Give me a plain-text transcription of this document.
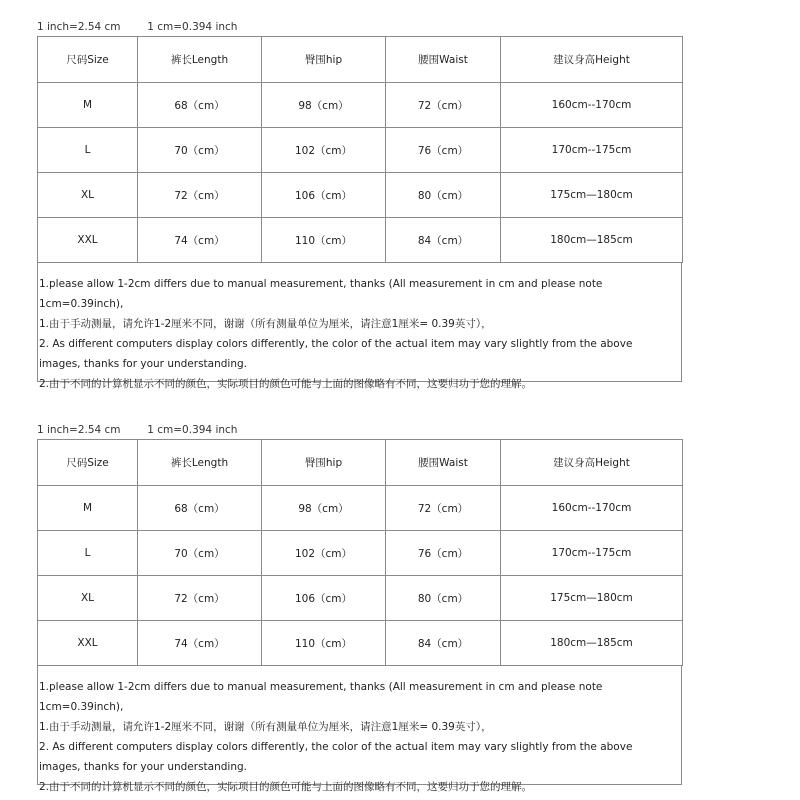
1 inch=2.54 cm        1 cm=0.394 inch
尺码Size	裤长Length	臀围hip	腰围Waist	建议身高Height
M	68（cm）	98（cm）	72（cm）	160cm--170cm
L	70（cm）	102（cm）	76（cm）	170cm--175cm
XL	72（cm）	106（cm）	80（cm）	175cm—180cm
XXL	74（cm）	110（cm）	84（cm）	180cm—185cm
1.please allow 1-2cm differs due to manual measurement, thanks (All measurement in cm and please note 1cm=0.39inch),
1.由于手动测量，请允许1-2厘米不同，谢谢（所有测量单位为厘米，请注意1厘米= 0.39英寸），
2. As different computers display colors differently, the color of the actual item may vary slightly from the above images, thanks for your understanding.
2.由于不同的计算机显示不同的颜色，实际项目的颜色可能与上面的图像略有不同，这要归功于您的理解。
1 inch=2.54 cm        1 cm=0.394 inch
尺码Size	裤长Length	臀围hip	腰围Waist	建议身高Height
M	68（cm）	98（cm）	72（cm）	160cm--170cm
L	70（cm）	102（cm）	76（cm）	170cm--175cm
XL	72（cm）	106（cm）	80（cm）	175cm—180cm
XXL	74（cm）	110（cm）	84（cm）	180cm—185cm
1.please allow 1-2cm differs due to manual measurement, thanks (All measurement in cm and please note 1cm=0.39inch),
1.由于手动测量，请允许1-2厘米不同，谢谢（所有测量单位为厘米，请注意1厘米= 0.39英寸），
2. As different computers display colors differently, the color of the actual item may vary slightly from the above images, thanks for your understanding.
2.由于不同的计算机显示不同的颜色，实际项目的颜色可能与上面的图像略有不同，这要归功于您的理解。
